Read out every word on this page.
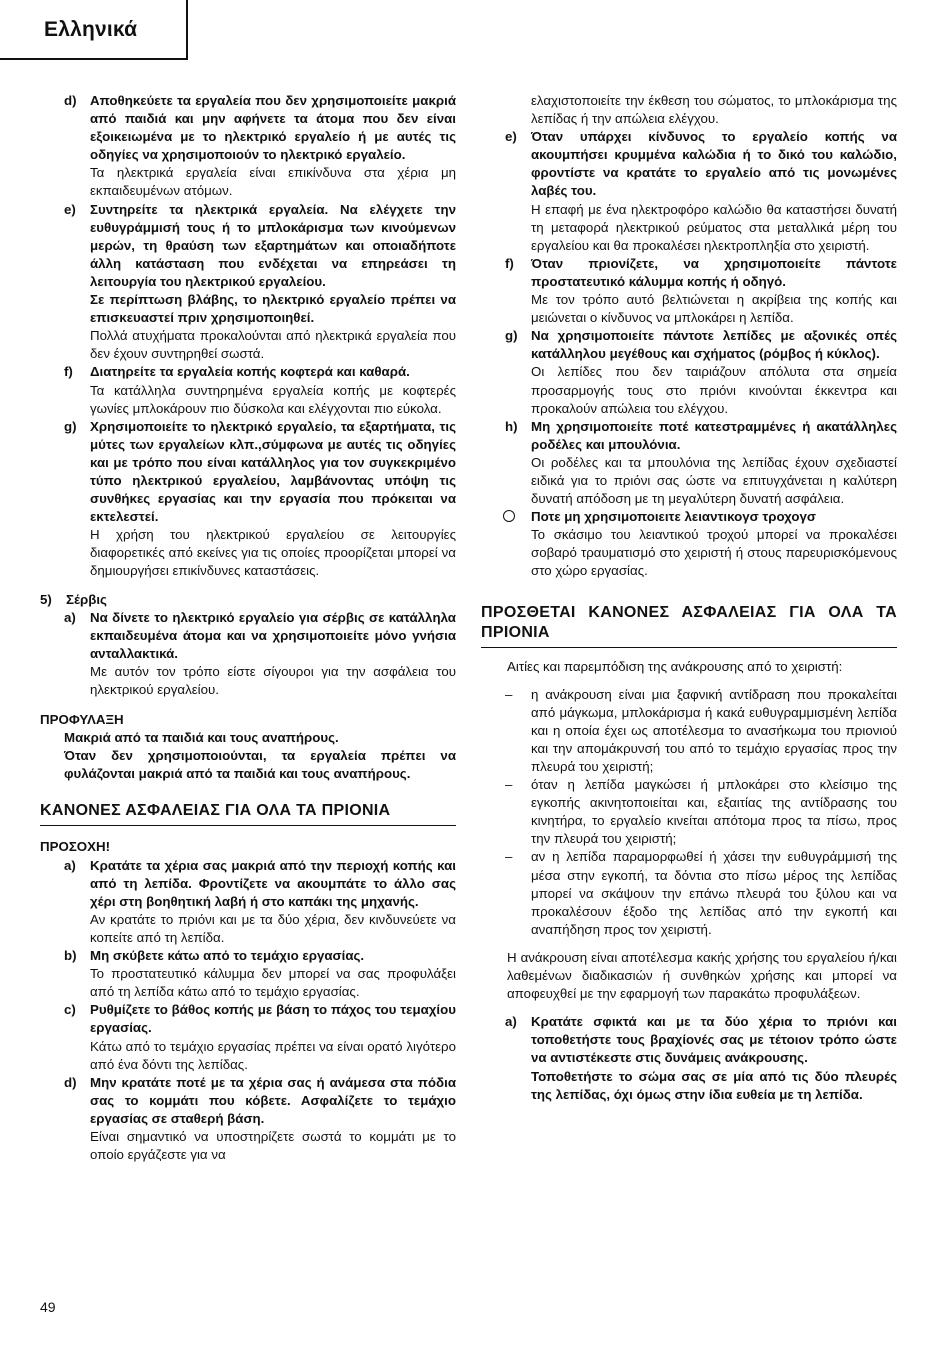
Ελληνικά
d) Αποθηκεύετε τα εργαλεία που δεν χρησιμοποιείτε μακριά από παιδιά και μην αφήνετε τα άτομα που δεν είναι εξοικειωμένα με το ηλεκτρικό εργαλείο ή με αυτές τις οδηγίες να χρησιμοποιούν το ηλεκτρικό εργαλείο.
Τα ηλεκτρικά εργαλεία είναι επικίνδυνα στα χέρια μη εκπαιδευμένων ατόμων.
e) Συντηρείτε τα ηλεκτρικά εργαλεία. Να ελέγχετε την ευθυγράμμισή τους ή το μπλοκάρισμα των κινούμενων μερών, τη θραύση των εξαρτημάτων και οποιαδήποτε άλλη κατάσταση που ενδέχεται να επηρεάσει τη λειτουργία του ηλεκτρικού εργαλείου.
Σε περίπτωση βλάβης, το ηλεκτρικό εργαλείο πρέπει να επισκευαστεί πριν χρησιμοποιηθεί.
Πολλά ατυχήματα προκαλούνται από ηλεκτρικά εργαλεία που δεν έχουν συντηρηθεί σωστά.
f) Διατηρείτε τα εργαλεία κοπής κοφτερά και καθαρά.
Τα κατάλληλα συντηρημένα εργαλεία κοπής με κοφτερές γωνίες μπλοκάρουν πιο δύσκολα και ελέγχονται πιο εύκολα.
g) Χρησιμοποιείτε το ηλεκτρικό εργαλείο, τα εξαρτήματα, τις μύτες των εργαλείων κλπ.,σύμφωνα με αυτές τις οδηγίες και με τρόπο που είναι κατάλληλος για τον συγκεκριμένο τύπο ηλεκτρικού εργαλείου, λαμβάνοντας υπόψη τις συνθήκες εργασίας και την εργασία που πρόκειται να εκτελεστεί.
Η χρήση του ηλεκτρικού εργαλείου σε λειτουργίες διαφορετικές από εκείνες για τις οποίες προορίζεται μπορεί να δημιουργήσει επικίνδυνες καταστάσεις.
5) Σέρβις
a) Να δίνετε το ηλεκτρικό εργαλείο για σέρβις σε κατάλληλα εκπαιδευμένα άτομα και να χρησιμοποιείτε μόνο γνήσια ανταλλακτικά.
Με αυτόν τον τρόπο είστε σίγουροι για την ασφάλεια του ηλεκτρικού εργαλείου.
ΠΡΟΦΥΛΑΞΗ
Μακριά από τα παιδιά και τους αναπήρους.
Όταν δεν χρησιμοποιούνται, τα εργαλεία πρέπει να φυλάζονται μακριά από τα παιδιά και τους αναπήρους.
ΚΑΝΟΝΕΣ ΑΣΦΑΛΕΙΑΣ ΓΙΑ ΟΛΑ ΤΑ ΠΡΙΟΝΙΑ
ΠΡΟΣΟΧΗ!
a) Κρατάτε τα χέρια σας μακριά από την περιοχή κοπής και από τη λεπίδα. Φροντίζετε να ακουμπάτε το άλλο σας χέρι στη βοηθητική λαβή ή στο καπάκι της μηχανής.
Αν κρατάτε το πριόνι και με τα δύο χέρια, δεν κινδυνεύετε να κοπείτε από τη λεπίδα.
b) Μη σκύβετε κάτω από το τεμάχιο εργασίας.
Το προστατευτικό κάλυμμα δεν μπορεί να σας προφυλάξει από τη λεπίδα κάτω από το τεμάχιο εργασίας.
c) Ρυθμίζετε το βάθος κοπής με βάση το πάχος του τεμαχίου εργασίας.
Κάτω από το τεμάχιο εργασίας πρέπει να είναι ορατό λιγότερο από ένα δόντι της λεπίδας.
d) Μην κρατάτε ποτέ με τα χέρια σας ή ανάμεσα στα πόδια σας το κομμάτι που κόβετε. Ασφαλίζετε το τεμάχιο εργασίας σε σταθερή βάση.
Είναι σημαντικό να υποστηρίζετε σωστά το κομμάτι με το οποίο εργάζεστε για να
ελαχιστοποιείτε την έκθεση του σώματος, το μπλοκάρισμα της λεπίδας ή την απώλεια ελέγχου.
e) Όταν υπάρχει κίνδυνος το εργαλείο κοπής να ακουμπήσει κρυμμένα καλώδια ή το δικό του καλώδιο, φροντίστε να κρατάτε το εργαλείο από τις μονωμένες λαβές του.
Η επαφή με ένα ηλεκτροφόρο καλώδιο θα καταστήσει δυνατή τη μεταφορά ηλεκτρικού ρεύματος στα μεταλλικά μέρη του εργαλείου και θα προκαλέσει ηλεκτροπληξία στο χειριστή.
f) Όταν πριονίζετε, να χρησιμοποιείτε πάντοτε προστατευτικό κάλυμμα κοπής ή οδηγό.
Με τον τρόπο αυτό βελτιώνεται η ακρίβεια της κοπής και μειώνεται ο κίνδυνος να μπλοκάρει η λεπίδα.
g) Να χρησιμοποιείτε πάντοτε λεπίδες με αξονικές οπές κατάλληλου μεγέθους και σχήματος (ρόμβος ή κύκλος).
Οι λεπίδες που δεν ταιριάζουν απόλυτα στα σημεία προσαρμογής τους στο πριόνι κινούνται έκκεντρα και προκαλούν απώλεια του ελέγχου.
h) Μη χρησιμοποιείτε ποτέ κατεστραμμένες ή ακατάλληλες ροδέλες και μπουλόνια.
Οι ροδέλες και τα μπουλόνια της λεπίδας έχουν σχεδιαστεί ειδικά για το πριόνι σας ώστε να επιτυγχάνεται η καλύτερη δυνατή απόδοση με τη μεγαλύτερη δυνατή ασφάλεια.
Ποτε μη χρησιμοποιειτε λειαντικογσ τροχογσ
Το σκάσιμο του λειαντικού τροχού μπορεί να προκαλέσει σοβαρό τραυματισμό στο χειριστή ή στους παρευρισκόμενους στο χώρο εργασίας.
ΠΡΟΣΘΕΤΑΙ ΚΑΝΟΝΕΣ ΑΣΦΑΛΕΙΑΣ ΓΙΑ ΟΛΑ ΤΑ ΠΡΙΟΝΙΑ
Αιτίες και παρεμπόδιση της ανάκρουσης από το χειριστή:
– η ανάκρουση είναι μια ξαφνική αντίδραση που προκαλείται από μάγκωμα, μπλοκάρισμα ή κακά ευθυγραμμισμένη λεπίδα και η οποία έχει ως αποτέλεσμα το ανασήκωμα του πριονιού και την απομάκρυνσή του από το τεμάχιο εργασίας προς την πλευρά του χειριστή;
– όταν η λεπίδα μαγκώσει ή μπλοκάρει στο κλείσιμο της εγκοπής ακινητοποιείται και, εξαιτίας της αντίδρασης του κινητήρα, το εργαλείο κινείται απότομα προς τα πίσω, προς την πλευρά του χειριστή;
– αν η λεπίδα παραμορφωθεί ή χάσει την ευθυγράμμισή της μέσα στην εγκοπή, τα δόντια στο πίσω μέρος της λεπίδας μπορεί να σκάψουν την επάνω πλευρά του ξύλου και να προκαλέσουν έξοδο της λεπίδας από την εγκοπή και αναπήδηση προς τον χειριστή.
Η ανάκρουση είναι αποτέλεσμα κακής χρήσης του εργαλείου ή/και λαθεμένων διαδικασιών ή συνθηκών χρήσης και μπορεί να αποφευχθεί με την εφαρμογή των παρακάτω προφυλάξεων.
a) Κρατάτε σφικτά και με τα δύο χέρια το πριόνι και τοποθετήστε τους βραχίονές σας με τέτοιον τρόπο ώστε να αντιστέκεστε στις δυνάμεις ανάκρουσης.
Τοποθετήστε το σώμα σας σε μία από τις δύο πλευρές της λεπίδας, όχι όμως στην ίδια ευθεία με τη λεπίδα.
49
